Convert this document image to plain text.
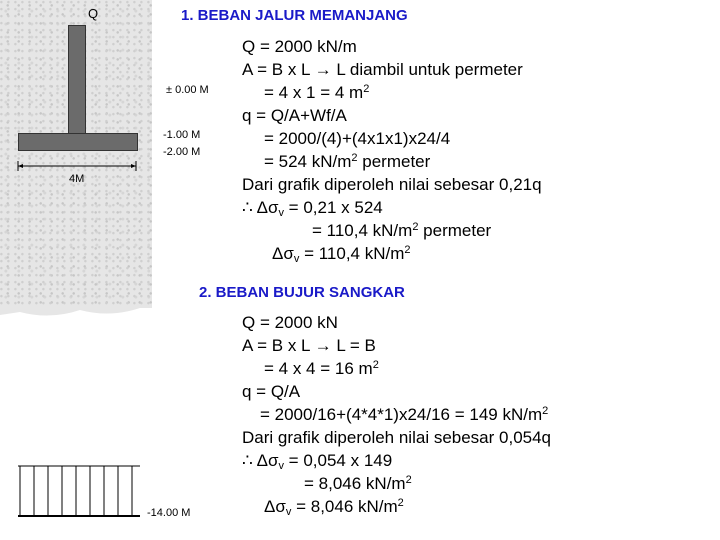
Q
4M
± 0.00 M
-1.00 M
-2.00 M
-14.00 M
1. BEBAN JALUR MEMANJANG
Q = 2000 kN/m
A = B x L → L diambil untuk permeter
= 4 x 1 = 4 $m^2$
q = Q/A+Wf/A
= 2000/(4)+(4x1x1)x24/4
= 524 $kN/m^2$ permeter
Dari grafik diperoleh nilai sebesar 0,21q
∴ $\Delta\sigma_v = 0,21$ x 524
= 110,4 $kN/m^2$ permeter
$\Delta\sigma_v = 110,4$ $kN/m^2$
2. BEBAN BUJUR SANGKAR
Q = 2000 kN
A = B x L → L = B
= 4 x 4 = 16 $m^2$
q = Q/A
= 2000/16+(4*4*1)x24/16 = 149 $kN/m^2$
Dari grafik diperoleh nilai sebesar 0,054q
∴ $\Delta\sigma_v = 0,054$ x 149
= 8,046 $kN/m^2$
$\Delta\sigma_v = 8,046$ $kN/m^2$
